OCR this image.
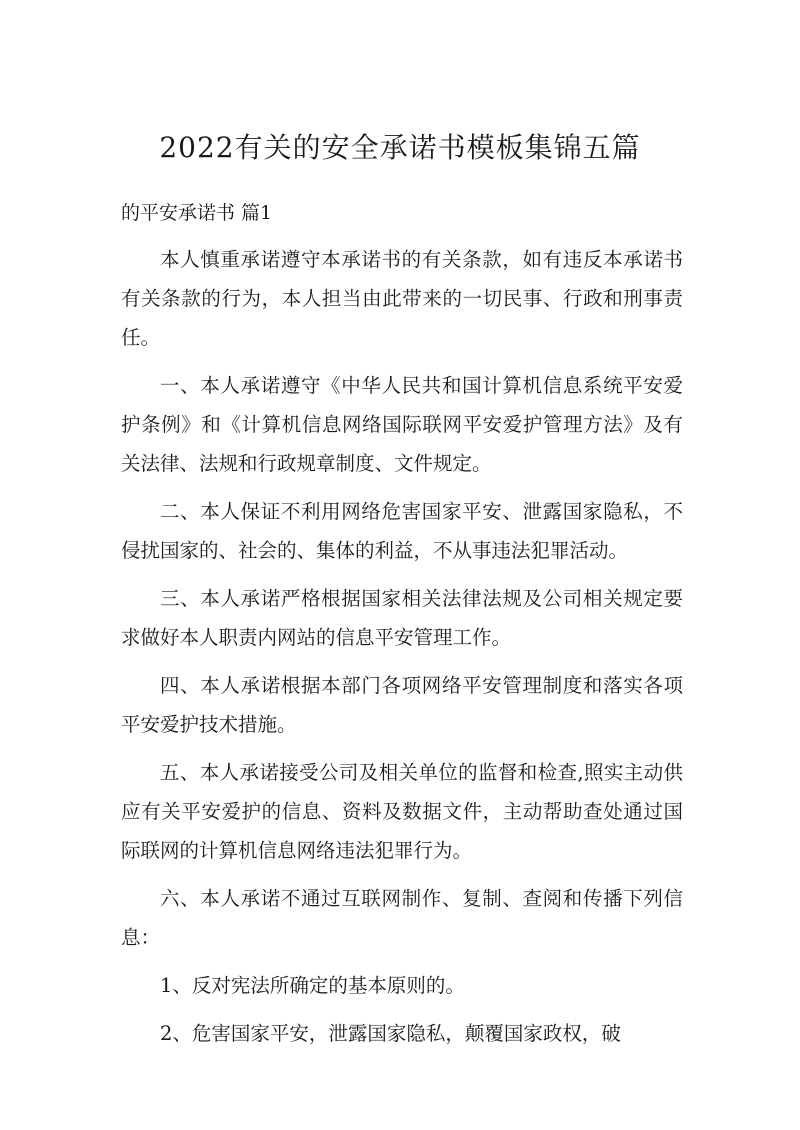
2022有关的安全承诺书模板集锦五篇
的平安承诺书 篇1

本人慎重承诺遵守本承诺书的有关条款，如有违反本承诺书有关条款的行为，本人担当由此带来的一切民事、行政和刑事责任。

一、本人承诺遵守《中华人民共和国计算机信息系统平安爱护条例》和《计算机信息网络国际联网平安爱护管理方法》及有关法律、法规和行政规章制度、文件规定。

二、本人保证不利用网络危害国家平安、泄露国家隐私，不侵扰国家的、社会的、集体的利益，不从事违法犯罪活动。

三、本人承诺严格根据国家相关法律法规及公司相关规定要求做好本人职责内网站的信息平安管理工作。

四、本人承诺根据本部门各项网络平安管理制度和落实各项平安爱护技术措施。

五、本人承诺接受公司及相关单位的监督和检查,照实主动供应有关平安爱护的信息、资料及数据文件，主动帮助查处通过国际联网的计算机信息网络违法犯罪行为。

六、本人承诺不通过互联网制作、复制、查阅和传播下列信息：

1、反对宪法所确定的基本原则的。

2、危害国家平安，泄露国家隐私，颠覆国家政权，破
